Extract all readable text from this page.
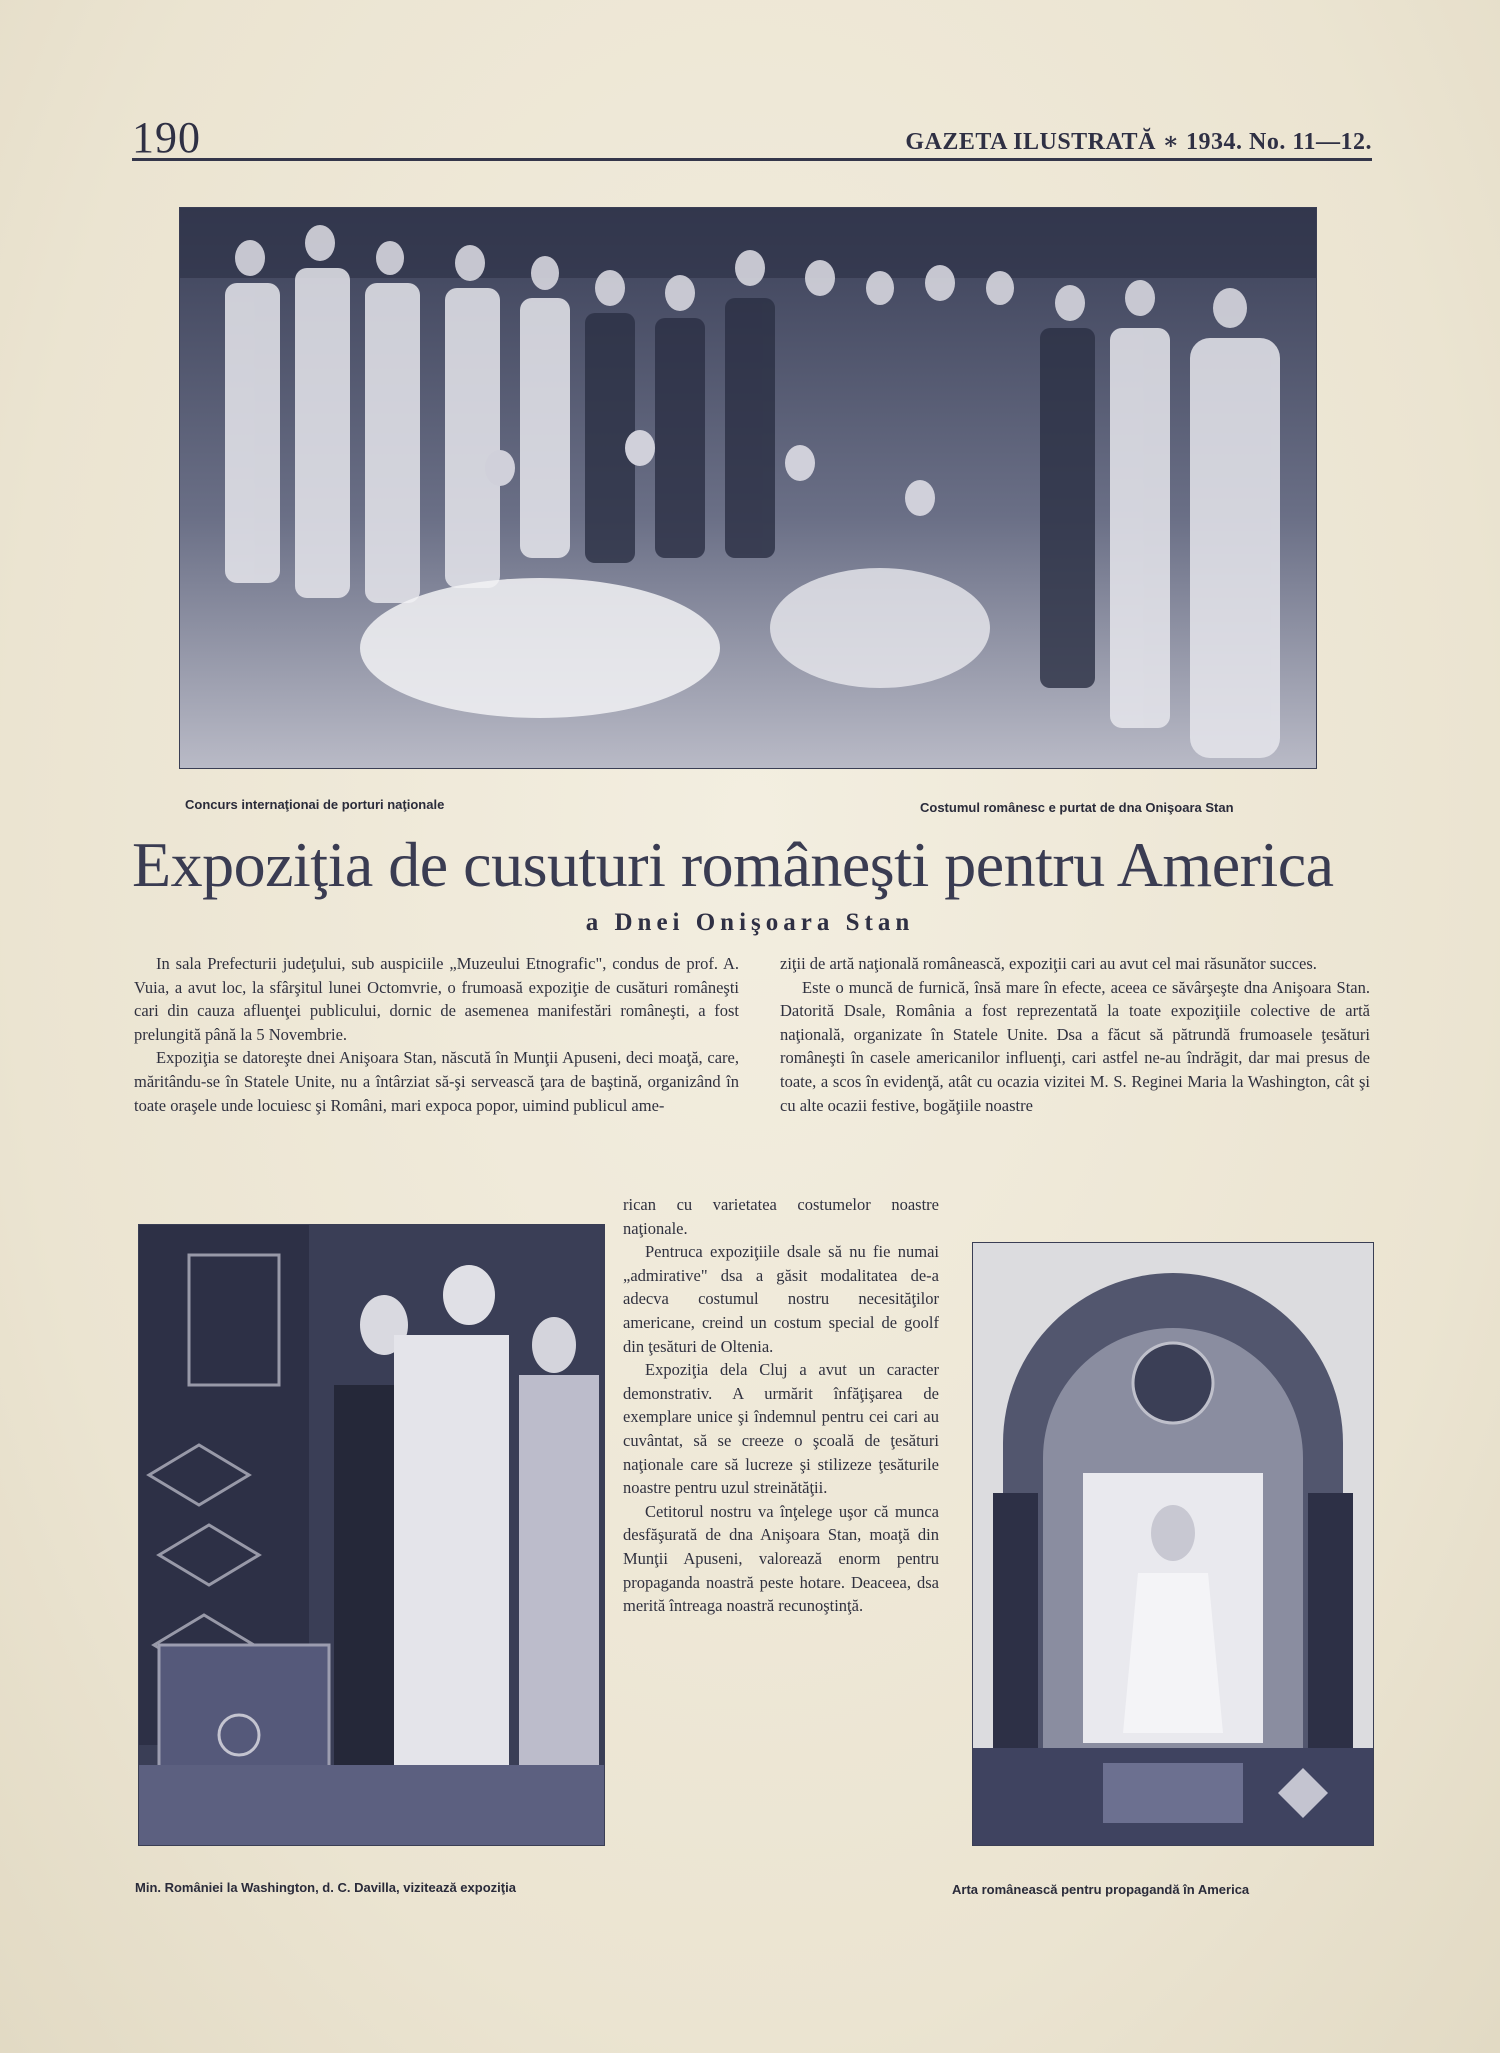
190	GAZETA ILUSTRATĂ ∗ 1934. No. 11—12.
Concurs internaţionai de porturi naţionale	Costumul românesc e purtat de dna Onişoara Stan
Expoziţia de cusuturi româneşti pentru America
a Dnei Onişoara Stan

In sala Prefecturii judeţului, sub auspiciile „Muzeului Etnografic", condus de prof. A. Vuia, a avut loc, la sfârşitul lunei Octomvrie, o frumoasă expoziţie de cusături româneşti cari din cauza afluenţei publicului, dornic de asemenea manifestări româneşti, a fost prelungită până la 5 Novembrie.

Expoziţia se datoreşte dnei Anişoara Stan, născută în Munţii Apuseni, deci moaţă, care, măritându-se în Statele Unite, nu a întârziat să-şi servească ţara de baştină, organizând în toate oraşele unde locuiesc şi Români, mari expoca popor, uimind publicul ame-

ziţii de artă naţională românească, expoziţii cari au avut cel mai răsunător succes.

Este o muncă de furnică, însă mare în efecte, aceea ce săvârşeşte dna Anişoara Stan. Datorită Dsale, România a fost reprezentată la toate expoziţiile colective de artă naţională, organizate în Statele Unite. Dsa a făcut să pătrundă frumoasele ţesături româneşti în casele americanilor influenţi, cari astfel ne-au îndrăgit, dar mai presus de toate, a scos în evidenţă, atât cu ocazia vizitei M. S. Reginei Maria la Washington, cât şi cu alte ocazii festive, bogăţiile noastre

rican cu varietatea costumelor noastre naţionale.

Pentruca expoziţiile dsale să nu fie numai „admirative" dsa a găsit modalitatea de-a adecva costumul nostru necesităţilor americane, creind un costum special de goolf din ţesături de Oltenia.

Expoziţia dela Cluj a avut un caracter demonstrativ. A urmărit înfăţişarea de exemplare unice şi îndemnul pentru cei cari au cuvântat, să se creeze o şcoală de ţesături naţionale care să lucreze şi stilizeze ţesăturile noastre pentru uzul streinătăţii.

Cetitorul nostru va înţelege uşor că munca desfăşurată de dna Anişoara Stan, moaţă din Munţii Apuseni, valorează enorm pentru propaganda noastră peste hotare. Deaceea, dsa merită întreaga noastră recunoştinţă.

Min. României la Washington, d. C. Davilla, vizitează expoziţia	Arta românească pentru propagandă în America
